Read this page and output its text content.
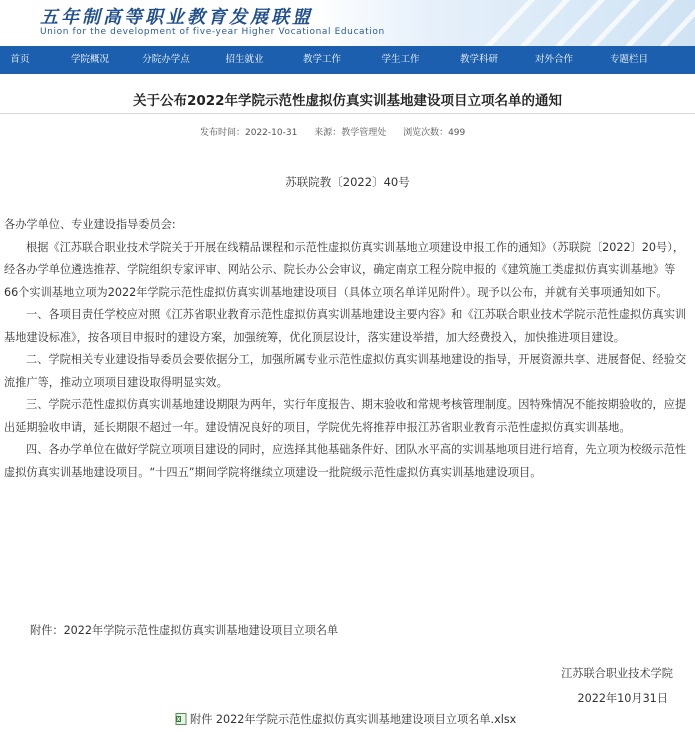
五年制高等职业教育发展联盟
Union for the development of five-year Higher Vocational Education
首页	学院概况	分院办学点	招生就业	教学工作	学生工作	教学科研	对外合作	专题栏目
关于公布2022年学院示范性虚拟仿真实训基地建设项目立项名单的通知
发布时间：2022-10-31 来源：教学管理处 浏览次数：499
苏联院教〔2022〕40号

各办学单位、专业建设指导委员会:

根据《江苏联合职业技术学院关于开展在线精品课程和示范性虚拟仿真实训基地立项建设申报工作的通知》（苏联院〔2022〕20号），经各办学单位遴选推荐、学院组织专家评审、网站公示、院长办公会审议，确定南京工程分院申报的《建筑施工类虚拟仿真实训基地》等66个实训基地立项为2022年学院示范性虚拟仿真实训基地建设项目（具体立项名单详见附件）。现予以公布，并就有关事项通知如下。

一、各项目责任学校应对照《江苏省职业教育示范性虚拟仿真实训基地建设主要内容》和《江苏联合职业技术学院示范性虚拟仿真实训基地建设标准》，按各项目申报时的建设方案，加强统筹，优化顶层设计，落实建设举措，加大经费投入，加快推进项目建设。

二、学院相关专业建设指导委员会要依据分工，加强所属专业示范性虚拟仿真实训基地建设的指导，开展资源共享、进展督促、经验交流推广等，推动立项项目建设取得明显实效。

三、学院示范性虚拟仿真实训基地建设期限为两年，实行年度报告、期末验收和常规考核管理制度。因特殊情况不能按期验收的，应提出延期验收申请，延长期限不超过一年。建设情况良好的项目，学院优先将推荐申报江苏省职业教育示范性虚拟仿真实训基地。

四、各办学单位在做好学院立项项目建设的同时，应选择其他基础条件好、团队水平高的实训基地项目进行培育，先立项为校级示范性虚拟仿真实训基地建设项目。“十四五”期间学院将继续立项建设一批院级示范性虚拟仿真实训基地建设项目。

附件：2022年学院示范性虚拟仿真实训基地建设项目立项名单
江苏联合职业技术学院
2022年10月31日
附件 2022年学院示范性虚拟仿真实训基地建设项目立项名单.xlsx
